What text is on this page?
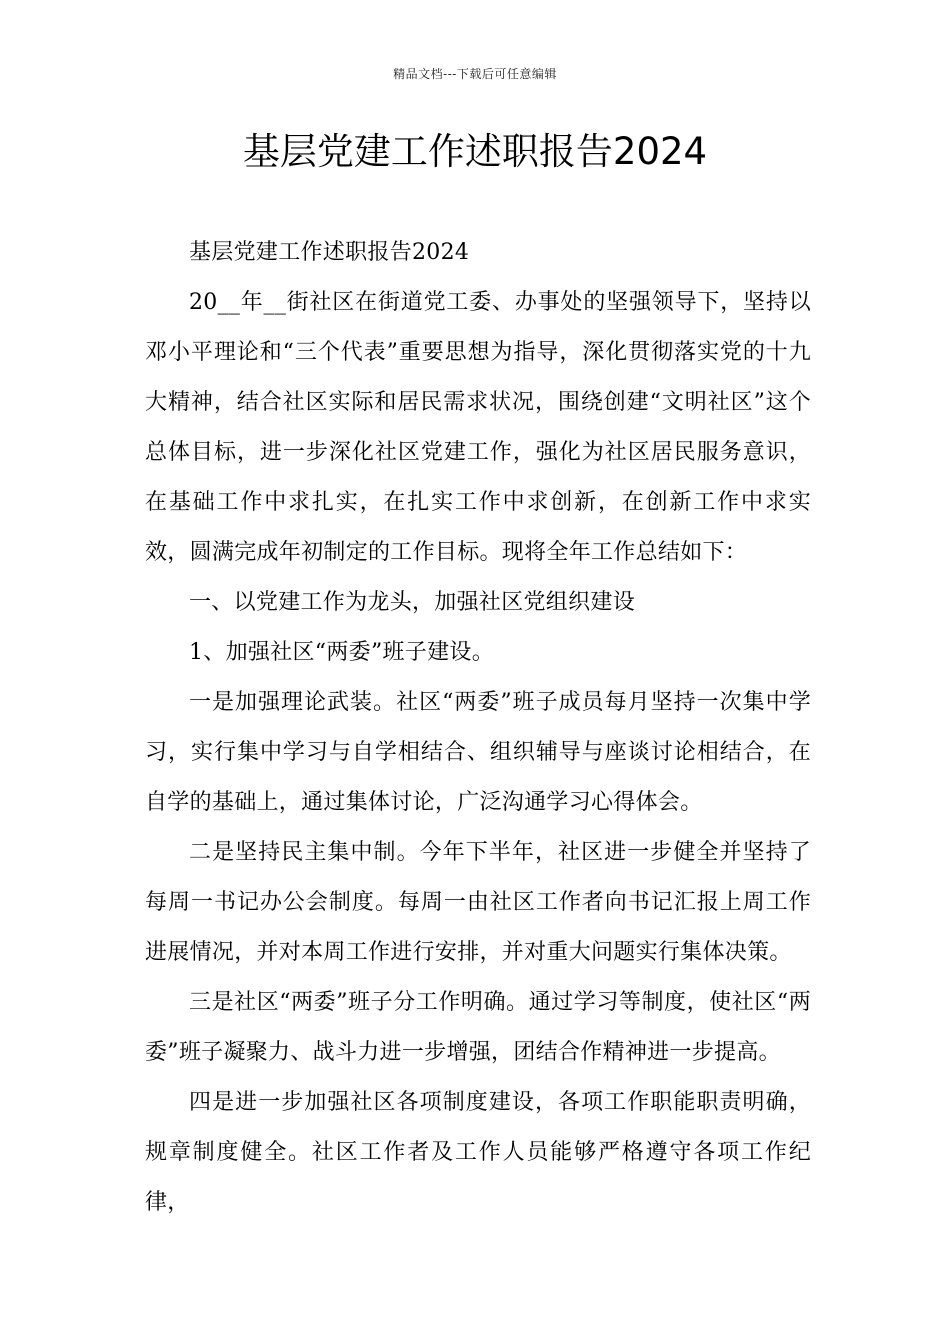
精品文档---下载后可任意编辑
基层党建工作述职报告2024

基层党建工作述职报告2024

20__年__街社区在街道党工委、办事处的坚强领导下，坚持以邓小平理论和“三个代表”重要思想为指导，深化贯彻落实党的十九大精神，结合社区实际和居民需求状况，围绕创建“文明社区”这个总体目标，进一步深化社区党建工作，强化为社区居民服务意识，在基础工作中求扎实，在扎实工作中求创新，在创新工作中求实效，圆满完成年初制定的工作目标。现将全年工作总结如下：

一、以党建工作为龙头，加强社区党组织建设

1、加强社区“两委”班子建设。

一是加强理论武装。社区“两委”班子成员每月坚持一次集中学习，实行集中学习与自学相结合、组织辅导与座谈讨论相结合，在自学的基础上，通过集体讨论，广泛沟通学习心得体会。

二是坚持民主集中制。今年下半年，社区进一步健全并坚持了每周一书记办公会制度。每周一由社区工作者向书记汇报上周工作进展情况，并对本周工作进行安排，并对重大问题实行集体决策。

三是社区“两委”班子分工作明确。通过学习等制度，使社区“两委”班子凝聚力、战斗力进一步增强，团结合作精神进一步提高。

四是进一步加强社区各项制度建设，各项工作职能职责明确，规章制度健全。社区工作者及工作人员能够严格遵守各项工作纪律，
